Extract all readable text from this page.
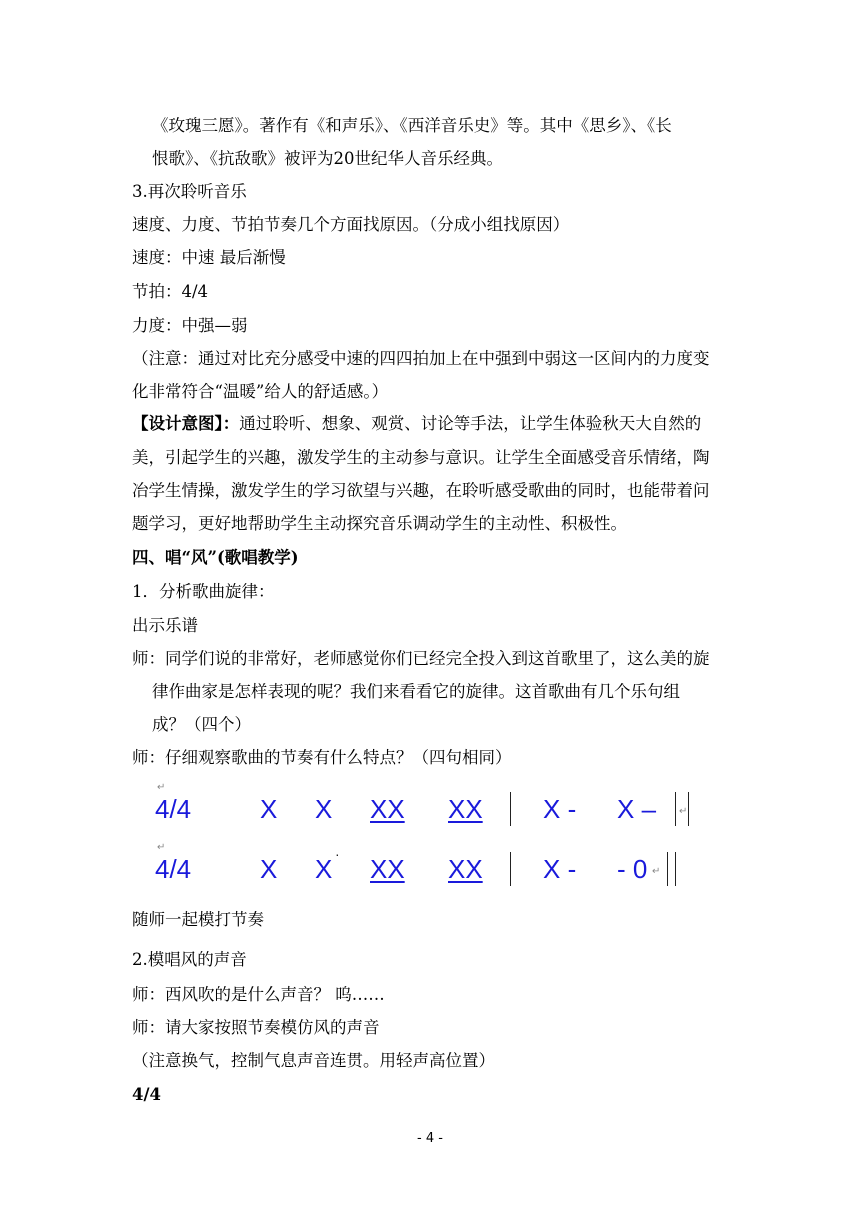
《玫瑰三愿》。著作有《和声乐》、《西洋音乐史》等。其中《思乡》、《长
恨歌》、《抗敌歌》被评为20世纪华人音乐经典。
3.再次聆听音乐
速度、力度、节拍节奏几个方面找原因。（分成小组找原因）
速度：中速 最后渐慢
节拍：4/4
力度：中强—弱
（注意：通过对比充分感受中速的四四拍加上在中强到中弱这一区间内的力度变
化非常符合“温暖”给人的舒适感。）
【设计意图】：通过聆听、想象、观赏、讨论等手法，让学生体验秋天大自然的
美，引起学生的兴趣，激发学生的主动参与意识。让学生全面感受音乐情绪，陶
冶学生情操，激发学生的学习欲望与兴趣，在聆听感受歌曲的同时，也能带着问
题学习，更好地帮助学生主动探究音乐调动学生的主动性、积极性。
四、唱“风”(歌唱教学)
1．分析歌曲旋律：
出示乐谱
师：同学们说的非常好，老师感觉你们已经完全投入到这首歌里了，这么美的旋
律作曲家是怎样表现的呢？我们来看看它的旋律。这首歌曲有几个乐句组
成？（四个）
师：仔细观察歌曲的节奏有什么特点？（四句相同）
↵
4/4	X X XX XX X - X – ↵
↵
4/4	X X · XX XX X - - 0 ↵
随师一起模打节奏
2.模唱风的声音
师：西风吹的是什么声音？ 呜……
师：请大家按照节奏模仿风的声音
（注意换气，控制气息声音连贯。用轻声高位置）
4/4
- 4 -
